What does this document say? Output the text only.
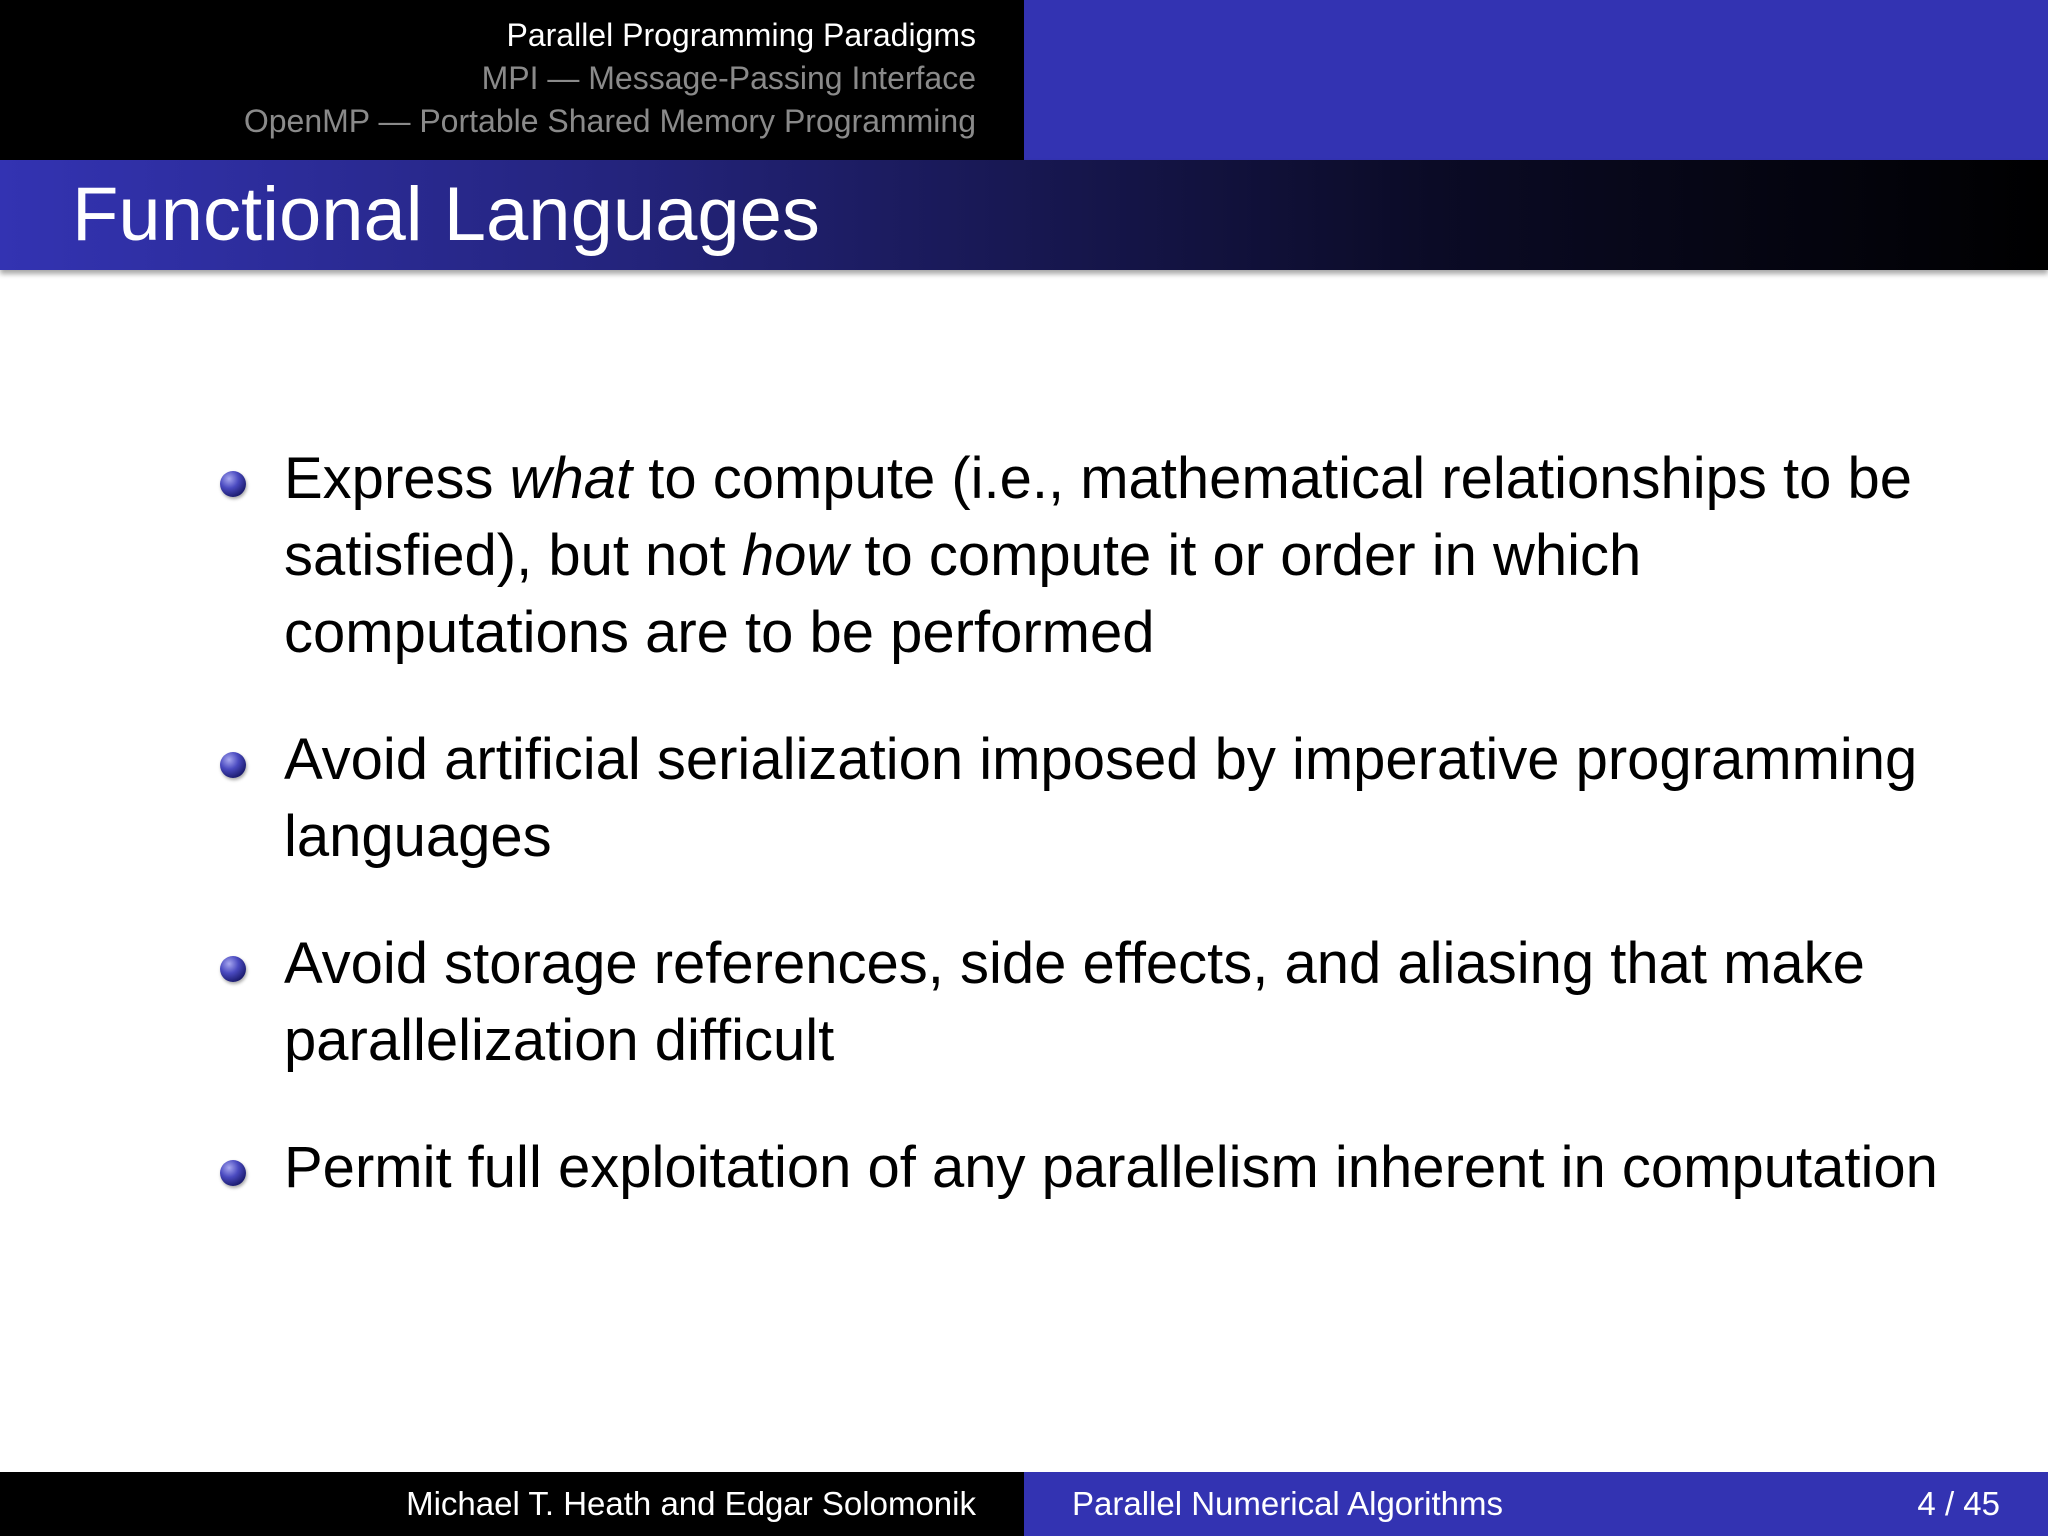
Parallel Programming Paradigms
MPI — Message-Passing Interface
OpenMP — Portable Shared Memory Programming
Functional Languages
Express what to compute (i.e., mathematical relationships to be satisfied), but not how to compute it or order in which computations are to be performed
Avoid artificial serialization imposed by imperative programming languages
Avoid storage references, side effects, and aliasing that make parallelization difficult
Permit full exploitation of any parallelism inherent in computation
Michael T. Heath and Edgar Solomonik	Parallel Numerical Algorithms	4 / 45
